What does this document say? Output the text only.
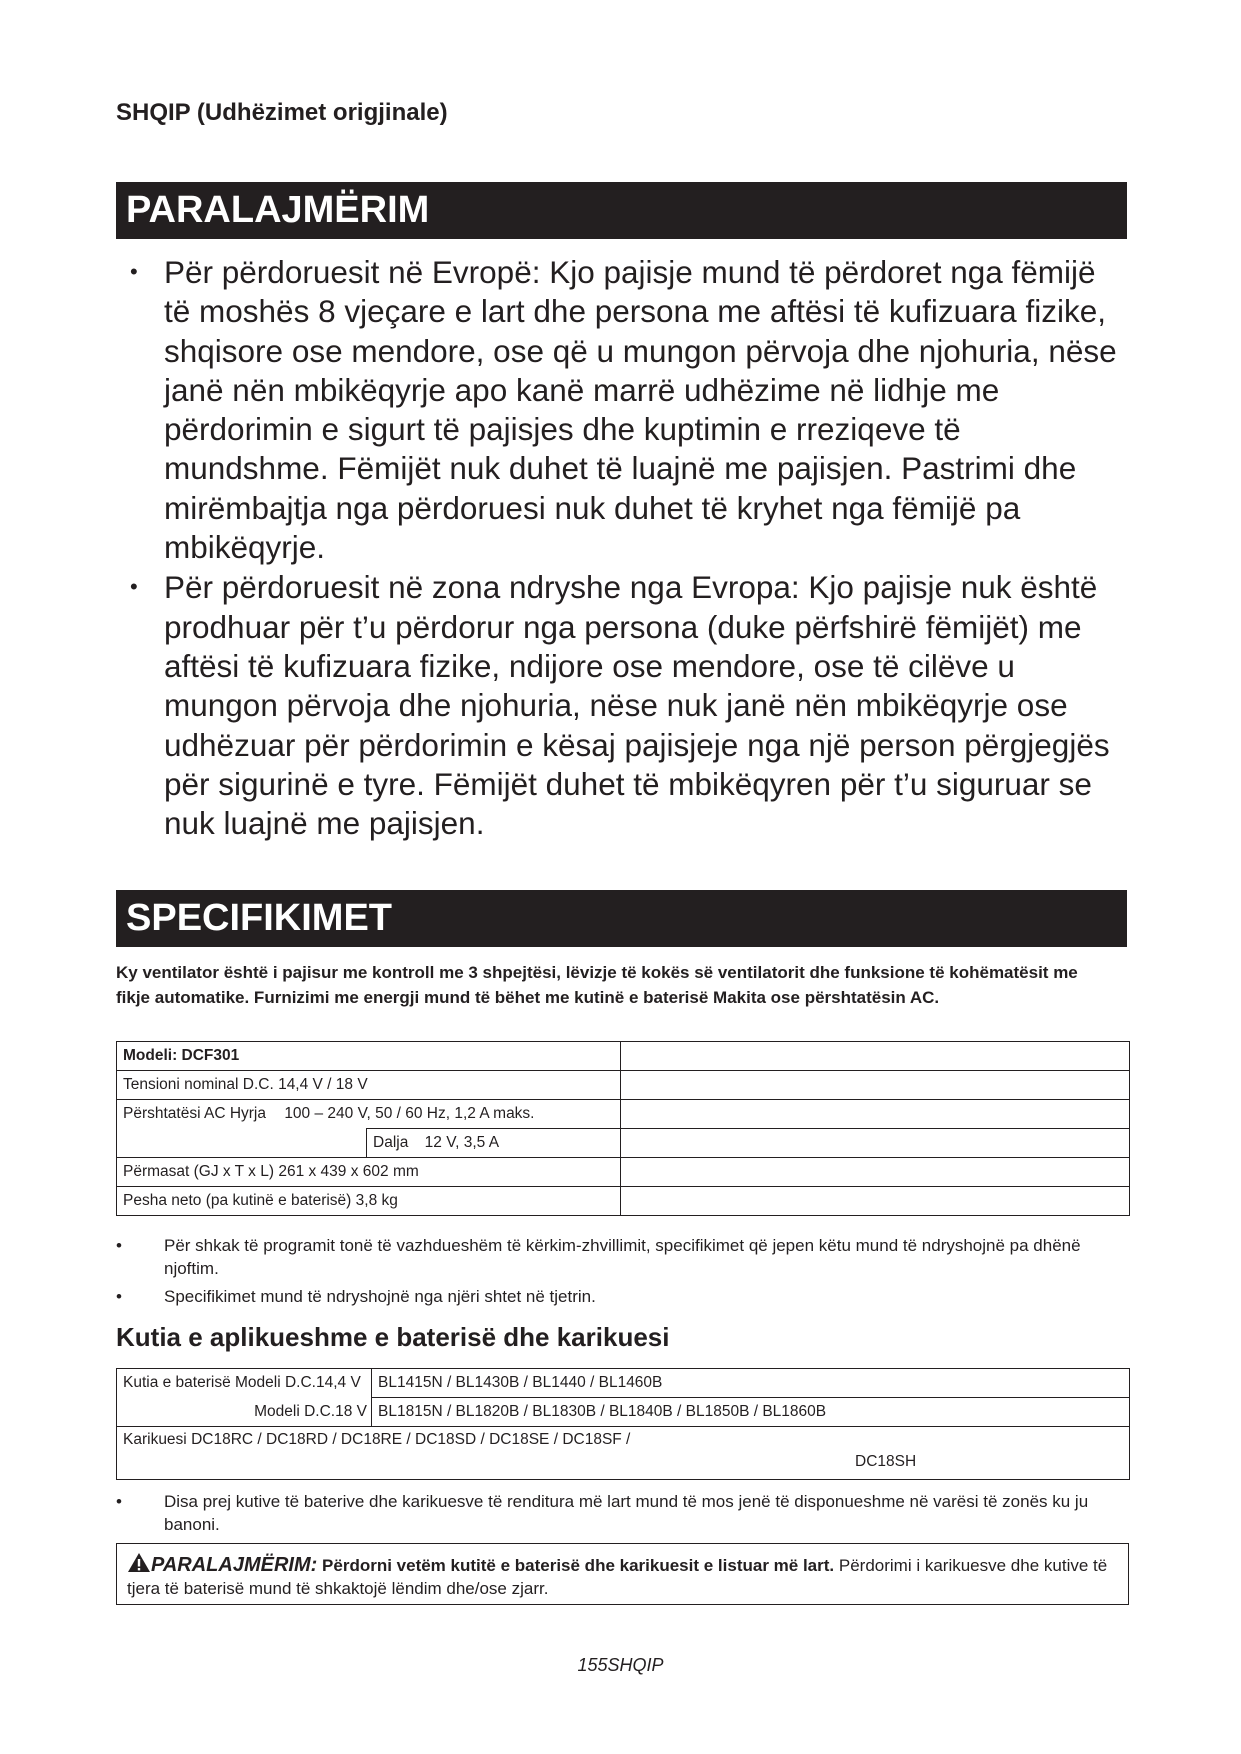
SHQIP (Udhëzimet origjinale)
PARALAJMËRIM
• Për përdoruesit në Evropë: Kjo pajisje mund të përdoret nga fëmijë të moshës 8 vjeçare e lart dhe persona me aftësi të kufizuara fizike, shqisore ose mendore, ose që u mungon përvoja dhe njohuria, nëse janë nën mbikëqyrje apo kanë marrë udhëzime në lidhje me përdorimin e sigurt të pajisjes dhe kuptimin e rreziqeve të mundshme. Fëmijët nuk duhet të luajnë me pajisjen. Pastrimi dhe mirëmbajtja nga përdoruesi nuk duhet të kryhet nga fëmijë pa mbikëqyrje.
• Për përdoruesit në zona ndryshe nga Evropa: Kjo pajisje nuk është prodhuar për t’u përdorur nga persona (duke përfshirë fëmijët) me aftësi të kufizuara fizike, ndijore ose mendore, ose të cilëve u mungon përvoja dhe njohuria, nëse nuk janë nën mbikëqyrje ose udhëzuar për përdorimin e kësaj pajisjeje nga një person përgjegjës për sigurinë e tyre. Fëmijët duhet të mbikëqyren për t’u siguruar se nuk luajnë me pajisjen.
SPECIFIKIMET

Ky ventilator është i pajisur me kontroll me 3 shpejtësi, lëvizje të kokës së ventilatorit dhe funksione të kohëmatësit me fikje automatike. Furnizimi me energji mund të bëhet me kutinë e baterisë Makita ose përshtatësin AC.

Modeli: DCF301		
Tensioni nominal D.C. 14,4 V / 18 V		
Përshtatësi AC Hyrja 100 – 240 V, 50 / 60 Hz, 1,2 A maks.		
	Dalja 12 V, 3,5 A	
Përmasat (GJ x T x L) 261 x 439 x 602 mm		
Pesha neto (pa kutinë e baterisë) 3,8 kg		
• Për shkak të programit tonë të vazhdueshëm të kërkim-zhvillimit, specifikimet që jepen këtu mund të ndryshojnë pa dhënë njoftim.
• Specifikimet mund të ndryshojnë nga njëri shtet në tjetrin.
Kutia e aplikueshme e baterisë dhe karikuesi
Kutia e baterisë Modeli D.C.14,4 V	BL1415N / BL1430B / BL1440 / BL1460B
Modeli D.C.18 V	BL1815N / BL1820B / BL1830B / BL1840B / BL1850B / BL1860B
Karikuesi DC18RC / DC18RD / DC18RE / DC18SD / DC18SE / DC18SF /
DC18SH	
• Disa prej kutive të baterive dhe karikuesve të renditura më lart mund të mos jenë të disponueshme në varësi të zonës ku ju banoni.
PARALAJMËRIM: Përdorni vetëm kutitë e baterisë dhe karikuesit e listuar më lart. Përdorimi i karikuesve dhe kutive të tjera të baterisë mund të shkaktojë lëndim dhe/ose zjarr.
155SHQIP
